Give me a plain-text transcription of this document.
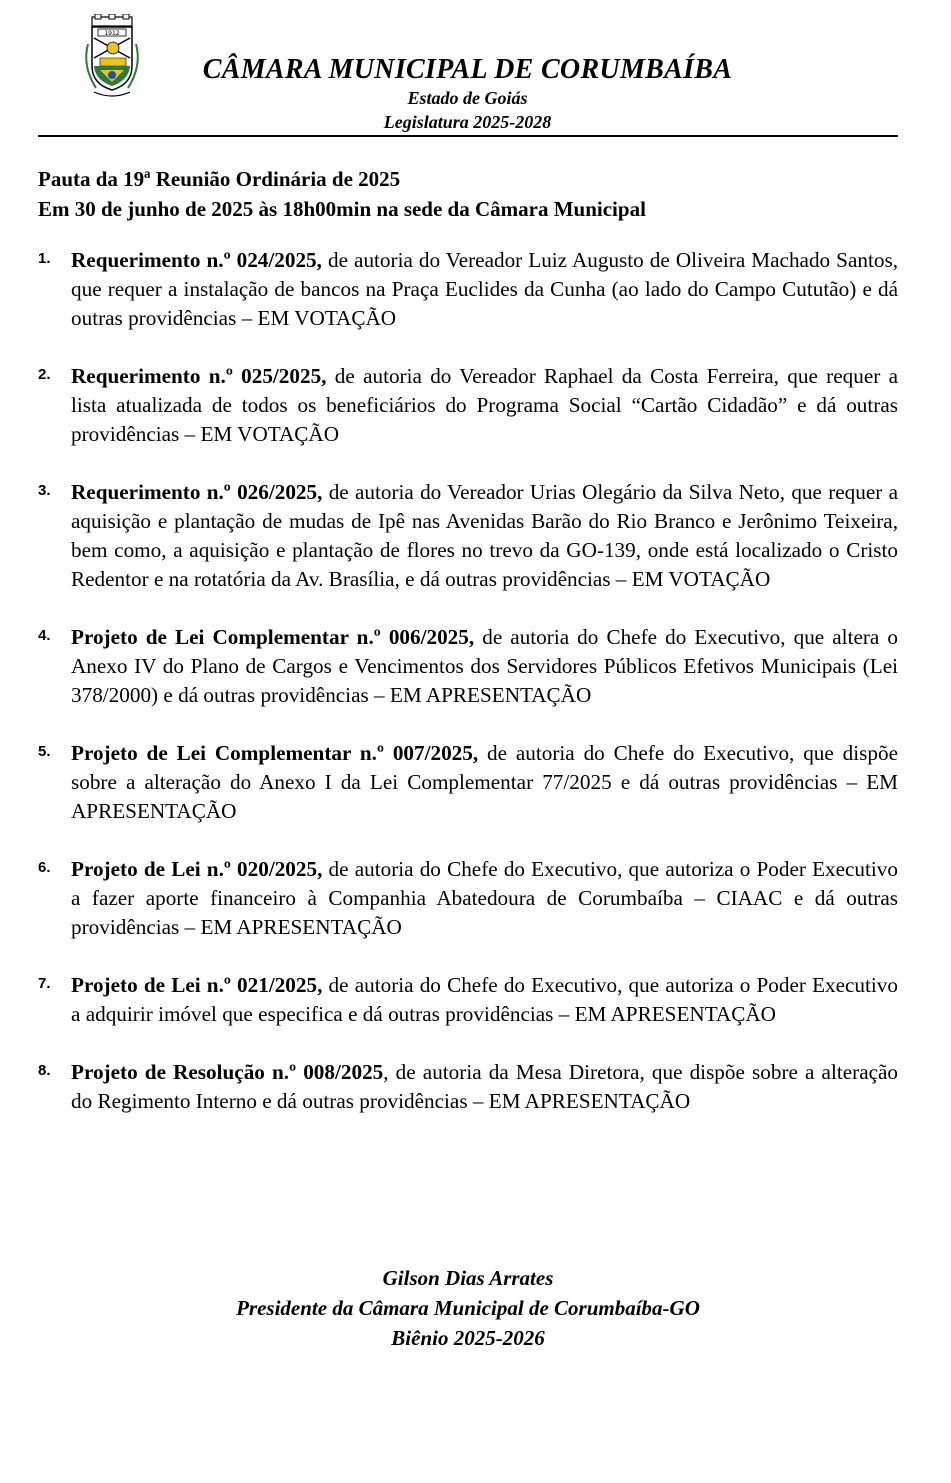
1912
CÂMARA MUNICIPAL DE CORUMBAÍBA
Estado de Goiás
Legislatura 2025-2028
Pauta da 19ª Reunião Ordinária de 2025
Em 30 de junho de 2025 às 18h00min na sede da Câmara Municipal
1. Requerimento n.º 024/2025, de autoria do Vereador Luiz Augusto de Oliveira Machado Santos, que requer a instalação de bancos na Praça Euclides da Cunha (ao lado do Campo Cututão) e dá outras providências – EM VOTAÇÃO
2. Requerimento n.º 025/2025, de autoria do Vereador Raphael da Costa Ferreira, que requer a lista atualizada de todos os beneficiários do Programa Social “Cartão Cidadão” e dá outras providências – EM VOTAÇÃO
3. Requerimento n.º 026/2025, de autoria do Vereador Urias Olegário da Silva Neto, que requer a aquisição e plantação de mudas de Ipê nas Avenidas Barão do Rio Branco e Jerônimo Teixeira, bem como, a aquisição e plantação de flores no trevo da GO-139, onde está localizado o Cristo Redentor e na rotatória da Av. Brasília, e dá outras providências – EM VOTAÇÃO
4. Projeto de Lei Complementar n.º 006/2025, de autoria do Chefe do Executivo, que altera o Anexo IV do Plano de Cargos e Vencimentos dos Servidores Públicos Efetivos Municipais (Lei 378/2000) e dá outras providências – EM APRESENTAÇÃO
5. Projeto de Lei Complementar n.º 007/2025, de autoria do Chefe do Executivo, que dispõe sobre a alteração do Anexo I da Lei Complementar 77/2025 e dá outras providências – EM APRESENTAÇÃO
6. Projeto de Lei n.º 020/2025, de autoria do Chefe do Executivo, que autoriza o Poder Executivo a fazer aporte financeiro à Companhia Abatedoura de Corumbaíba – CIAAC e dá outras providências – EM APRESENTAÇÃO
7. Projeto de Lei n.º 021/2025, de autoria do Chefe do Executivo, que autoriza o Poder Executivo a adquirir imóvel que especifica e dá outras providências – EM APRESENTAÇÃO
8. Projeto de Resolução n.º 008/2025, de autoria da Mesa Diretora, que dispõe sobre a alteração do Regimento Interno e dá outras providências – EM APRESENTAÇÃO
Gilson Dias Arrates
Presidente da Câmara Municipal de Corumbaíba-GO
Biênio 2025-2026
